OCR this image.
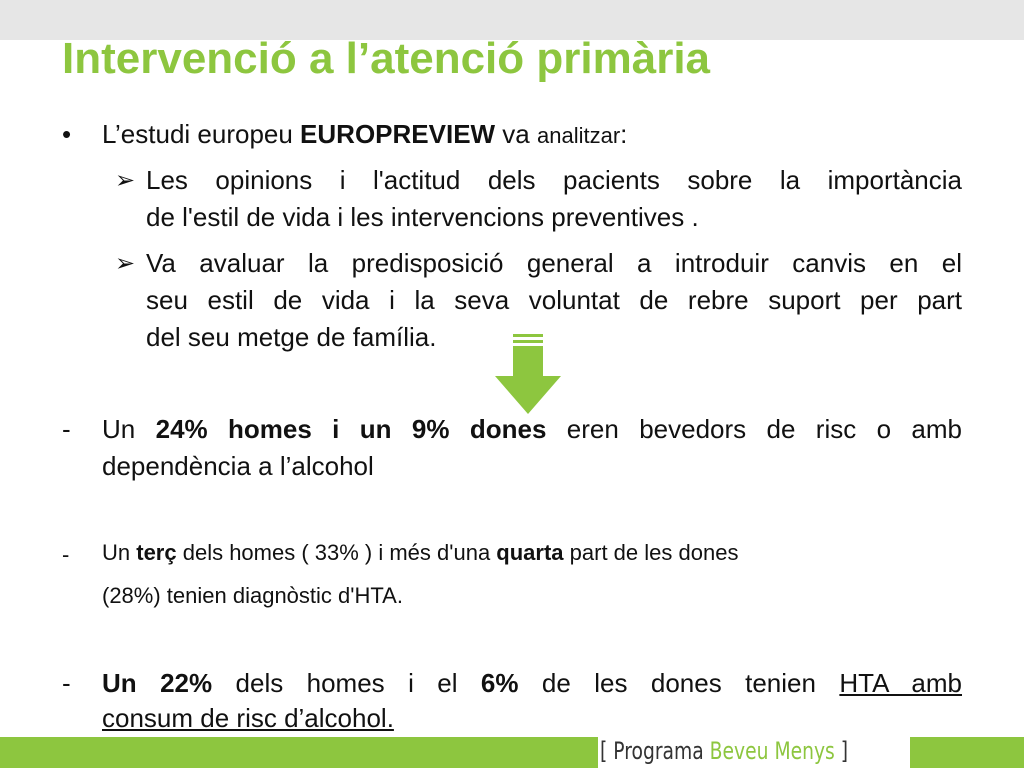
Intervenció a l’atenció primària
• L’estudi europeu EUROPREVIEW va analitzar:
➢ Les opinions i l'actitud dels pacients sobre la importància
de l'estil de vida i les intervencions preventives .
➢ Va avaluar la predisposició general a introduir canvis en el
seu estil de vida i la seva voluntat de rebre suport per part
del seu metge de família.
- Un 24% homes i un 9% dones eren bevedors de risc o amb
dependència a l’alcohol
- Un terç dels homes ( 33% ) i més d'una quarta part de les dones
(28%) tenien diagnòstic d'HTA.
- Un 22% dels homes i el 6% de les dones tenien HTA amb
consum de risc d’alcohol.
[ Programa Beveu Menys ]
